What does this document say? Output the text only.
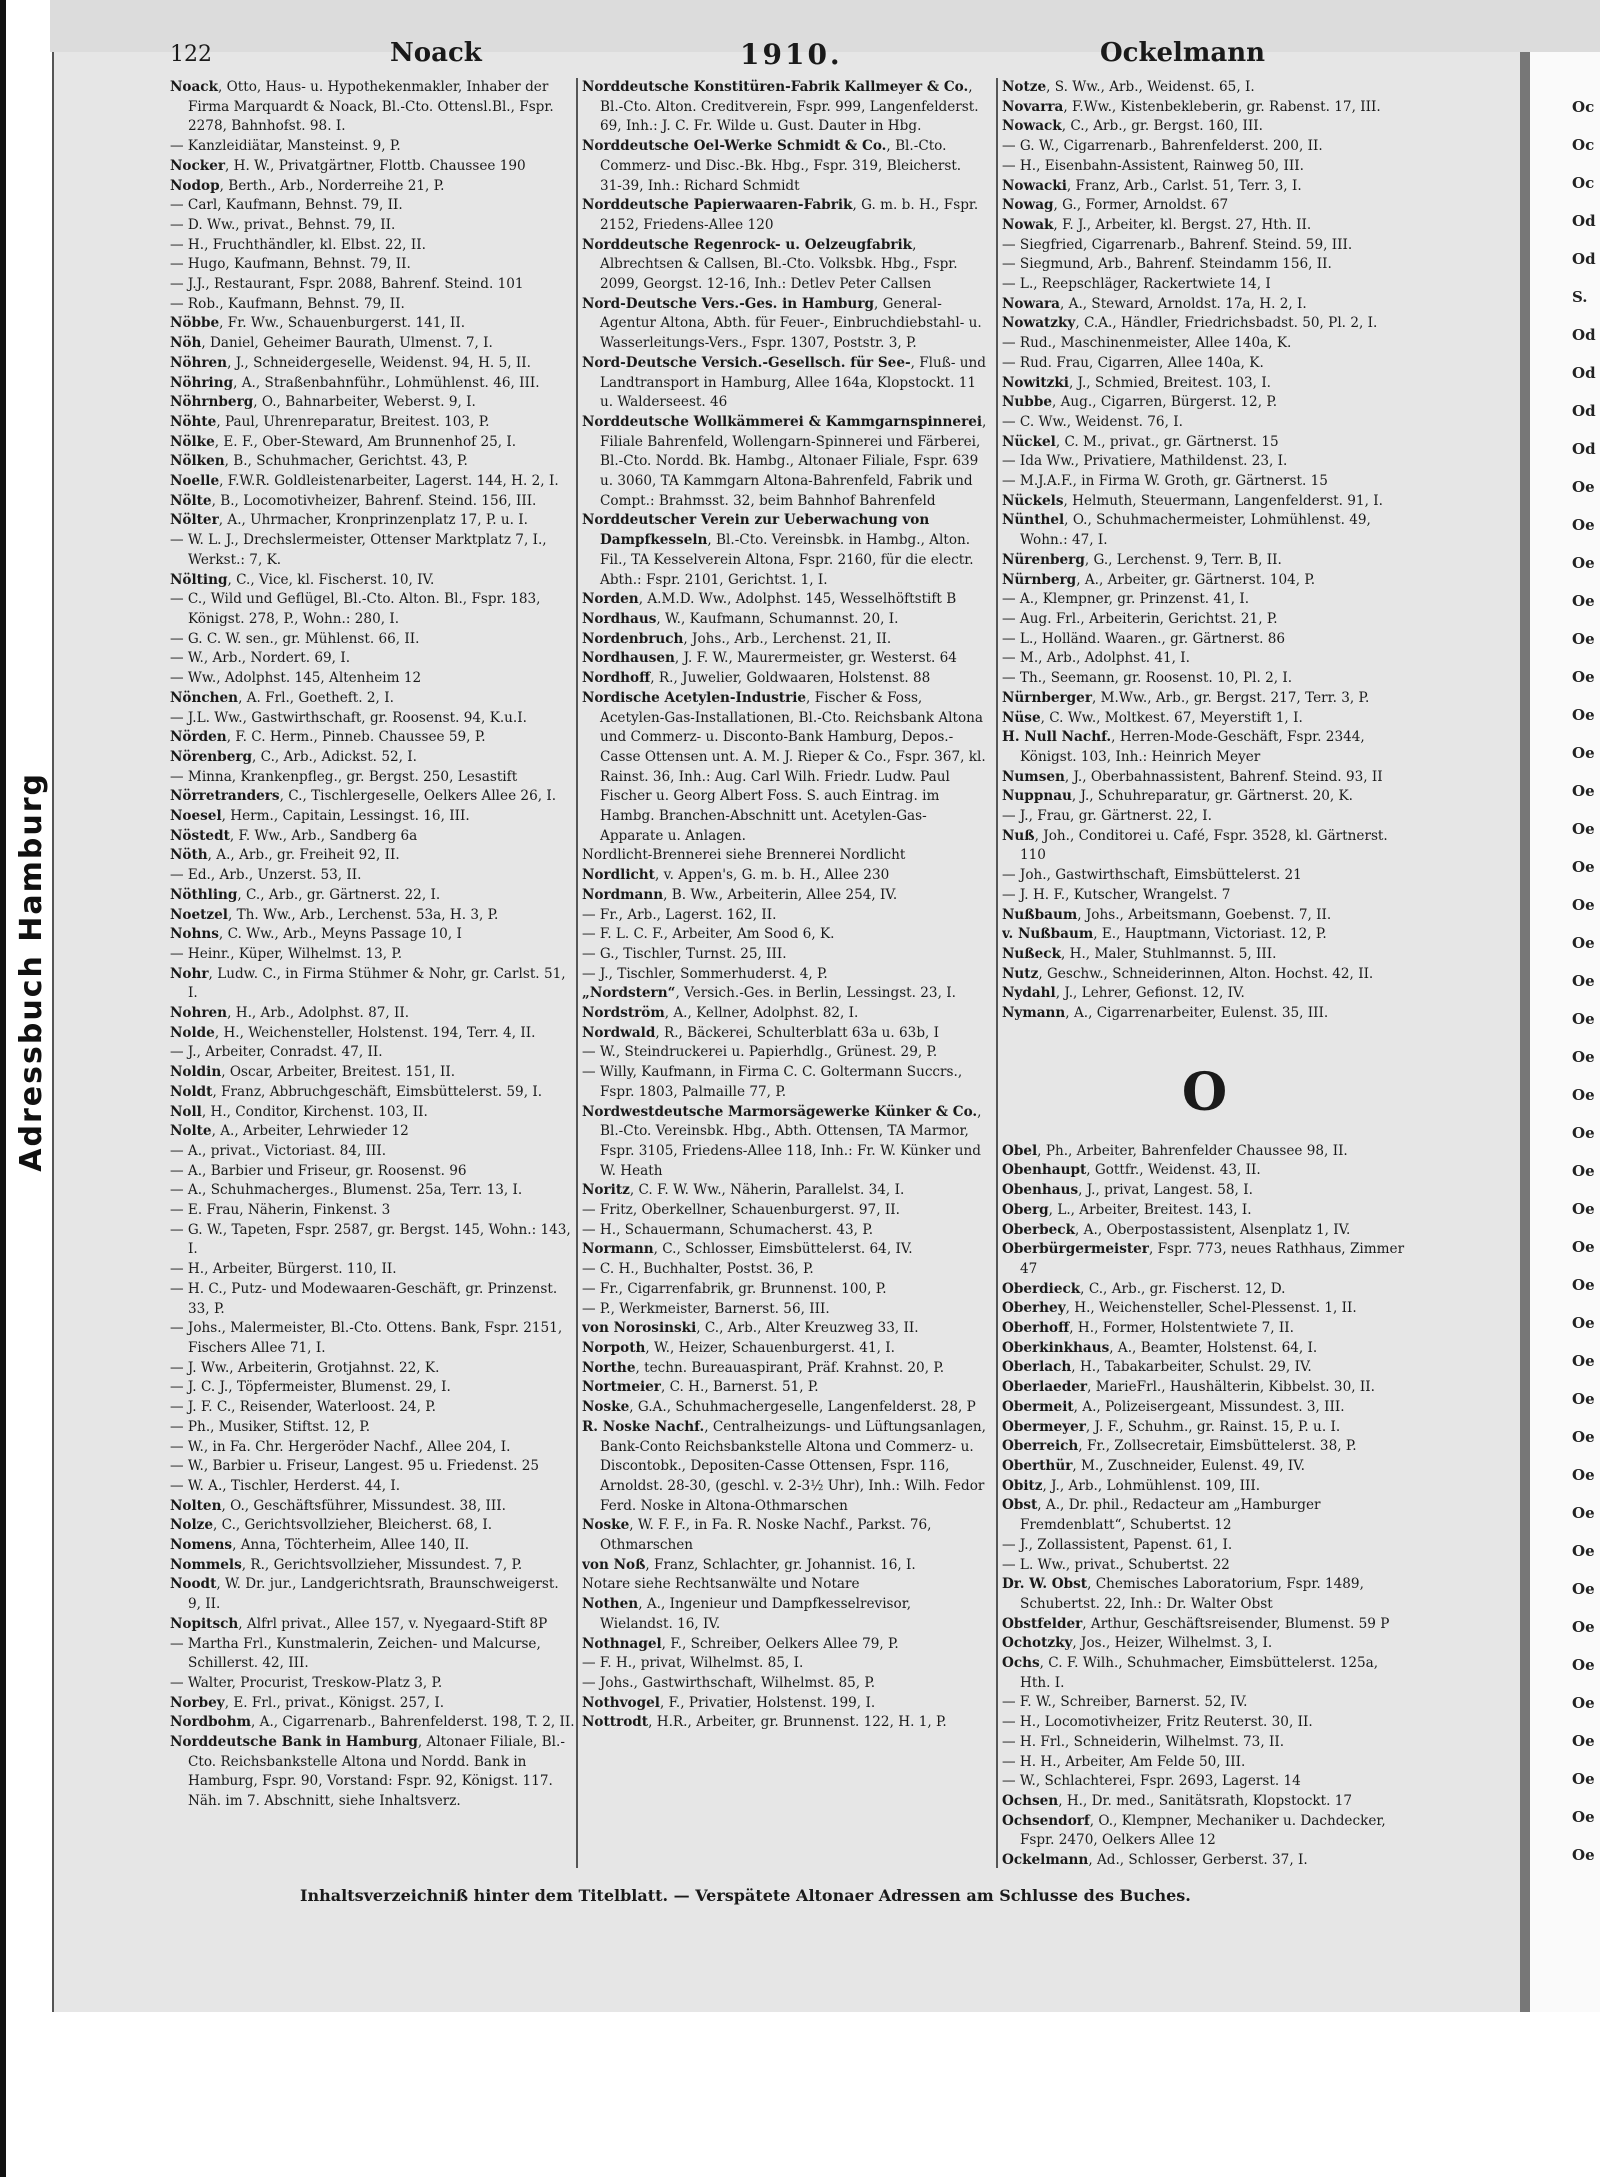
Adressbuch Hamburg
122	Noack	1910.	Ockelmann

Noack, Otto, Haus- u. Hypothekenmakler, Inhaber der Firma Marquardt & Noack, Bl.-Cto. Ottensl.Bl., Fspr. 2278, Bahnhofst. 98. I.

— Kanzleidiätar, Mansteinst. 9, P.

Nocker, H. W., Privatgärtner, Flottb. Chaussee 190

Nodop, Berth., Arb., Norderreihe 21, P.

— Carl, Kaufmann, Behnst. 79, II.

— D. Ww., privat., Behnst. 79, II.

— H., Fruchthändler, kl. Elbst. 22, II.

— Hugo, Kaufmann, Behnst. 79, II.

— J.J., Restaurant, Fspr. 2088, Bahrenf. Steind. 101

— Rob., Kaufmann, Behnst. 79, II.

Nöbbe, Fr. Ww., Schauenburgerst. 141, II.

Nöh, Daniel, Geheimer Baurath, Ulmenst. 7, I.

Nöhren, J., Schneidergeselle, Weidenst. 94, H. 5, II.

Nöhring, A., Straßenbahnführ., Lohmühlenst. 46, III.

Nöhrnberg, O., Bahnarbeiter, Weberst. 9, I.

Nöhte, Paul, Uhrenreparatur, Breitest. 103, P.

Nölke, E. F., Ober-Steward, Am Brunnenhof 25, I.

Nölken, B., Schuhmacher, Gerichtst. 43, P.

Noelle, F.W.R. Goldleistenarbeiter, Lagerst. 144, H. 2, I.

Nölte, B., Locomotivheizer, Bahrenf. Steind. 156, III.

Nölter, A., Uhrmacher, Kronprinzenplatz 17, P. u. I.

— W. L. J., Drechslermeister, Ottenser Marktplatz 7, I., Werkst.: 7, K.

Nölting, C., Vice, kl. Fischerst. 10, IV.

— C., Wild und Geflügel, Bl.-Cto. Alton. Bl., Fspr. 183, Königst. 278, P., Wohn.: 280, I.

— G. C. W. sen., gr. Mühlenst. 66, II.

— W., Arb., Nordert. 69, I.

— Ww., Adolphst. 145, Altenheim 12

Nönchen, A. Frl., Goetheft. 2, I.

— J.L. Ww., Gastwirthschaft, gr. Roosenst. 94, K.u.I.

Nörden, F. C. Herm., Pinneb. Chaussee 59, P.

Nörenberg, C., Arb., Adickst. 52, I.

— Minna, Krankenpfleg., gr. Bergst. 250, Lesastift

Nörretranders, C., Tischlergeselle, Oelkers Allee 26, I.

Noesel, Herm., Capitain, Lessingst. 16, III.

Nöstedt, F. Ww., Arb., Sandberg 6a

Nöth, A., Arb., gr. Freiheit 92, II.

— Ed., Arb., Unzerst. 53, II.

Nöthling, C., Arb., gr. Gärtnerst. 22, I.

Noetzel, Th. Ww., Arb., Lerchenst. 53a, H. 3, P.

Nohns, C. Ww., Arb., Meyns Passage 10, I

— Heinr., Küper, Wilhelmst. 13, P.

Nohr, Ludw. C., in Firma Stühmer & Nohr, gr. Carlst. 51, I.

Nohren, H., Arb., Adolphst. 87, II.

Nolde, H., Weichensteller, Holstenst. 194, Terr. 4, II.

— J., Arbeiter, Conradst. 47, II.

Noldin, Oscar, Arbeiter, Breitest. 151, II.

Noldt, Franz, Abbruchgeschäft, Eimsbüttelerst. 59, I.

Noll, H., Conditor, Kirchenst. 103, II.

Nolte, A., Arbeiter, Lehrwieder 12

— A., privat., Victoriast. 84, III.

— A., Barbier und Friseur, gr. Roosenst. 96

— A., Schuhmacherges., Blumenst. 25a, Terr. 13, I.

— E. Frau, Näherin, Finkenst. 3

— G. W., Tapeten, Fspr. 2587, gr. Bergst. 145, Wohn.: 143, I.

— H., Arbeiter, Bürgerst. 110, II.

— H. C., Putz- und Modewaaren-Geschäft, gr. Prinzenst. 33, P.

— Johs., Malermeister, Bl.-Cto. Ottens. Bank, Fspr. 2151, Fischers Allee 71, I.

— J. Ww., Arbeiterin, Grotjahnst. 22, K.

— J. C. J., Töpfermeister, Blumenst. 29, I.

— J. F. C., Reisender, Waterloost. 24, P.

— Ph., Musiker, Stiftst. 12, P.

— W., in Fa. Chr. Hergeröder Nachf., Allee 204, I.

— W., Barbier u. Friseur, Langest. 95 u. Friedenst. 25

— W. A., Tischler, Herderst. 44, I.

Nolten, O., Geschäftsführer, Missundest. 38, III.

Nolze, C., Gerichtsvollzieher, Bleicherst. 68, I.

Nomens, Anna, Töchterheim, Allee 140, II.

Nommels, R., Gerichtsvollzieher, Missundest. 7, P.

Noodt, W. Dr. jur., Landgerichtsrath, Braunschweigerst. 9, II.

Nopitsch, Alfrl privat., Allee 157, v. Nyegaard-Stift 8P

— Martha Frl., Kunstmalerin, Zeichen- und Malcurse, Schillerst. 42, III.

— Walter, Procurist, Treskow-Platz 3, P.

Norbey, E. Frl., privat., Königst. 257, I.

Nordbohm, A., Cigarrenarb., Bahrenfelderst. 198, T. 2, II.

Norddeutsche Bank in Hamburg, Altonaer Filiale, Bl.-Cto. Reichsbankstelle Altona und Nordd. Bank in Hamburg, Fspr. 90, Vorstand: Fspr. 92, Königst. 117. Näh. im 7. Abschnitt, siehe Inhaltsverz.

Norddeutsche Konstitüren-Fabrik Kallmeyer & Co., Bl.-Cto. Alton. Creditverein, Fspr. 999, Langenfelderst. 69, Inh.: J. C. Fr. Wilde u. Gust. Dauter in Hbg.

Norddeutsche Oel-Werke Schmidt & Co., Bl.-Cto. Commerz- und Disc.-Bk. Hbg., Fspr. 319, Bleicherst. 31-39, Inh.: Richard Schmidt

Norddeutsche Papierwaaren-Fabrik, G. m. b. H., Fspr. 2152, Friedens-Allee 120

Norddeutsche Regenrock- u. Oelzeugfabrik, Albrechtsen & Callsen, Bl.-Cto. Volksbk. Hbg., Fspr. 2099, Georgst. 12-16, Inh.: Detlev Peter Callsen

Nord-Deutsche Vers.-Ges. in Hamburg, General-Agentur Altona, Abth. für Feuer-, Einbruchdiebstahl- u. Wasserleitungs-Vers., Fspr. 1307, Poststr. 3, P.

Nord-Deutsche Versich.-Gesellsch. für See-, Fluß- und Landtransport in Hamburg, Allee 164a, Klopstockt. 11 u. Walderseest. 46

Norddeutsche Wollkämmerei & Kammgarnspinnerei, Filiale Bahrenfeld, Wollengarn-Spinnerei und Färberei, Bl.-Cto. Nordd. Bk. Hambg., Altonaer Filiale, Fspr. 639 u. 3060, TA Kammgarn Altona-Bahrenfeld, Fabrik und Compt.: Brahmsst. 32, beim Bahnhof Bahrenfeld

Norddeutscher Verein zur Ueberwachung von Dampfkesseln, Bl.-Cto. Vereinsbk. in Hambg., Alton. Fil., TA Kesselverein Altona, Fspr. 2160, für die electr. Abth.: Fspr. 2101, Gerichtst. 1, I.

Norden, A.M.D. Ww., Adolphst. 145, Wesselhöftstift B

Nordhaus, W., Kaufmann, Schumannst. 20, I.

Nordenbruch, Johs., Arb., Lerchenst. 21, II.

Nordhausen, J. F. W., Maurermeister, gr. Westerst. 64

Nordhoff, R., Juwelier, Goldwaaren, Holstenst. 88

Nordische Acetylen-Industrie, Fischer & Foss, Acetylen-Gas-Installationen, Bl.-Cto. Reichsbank Altona und Commerz- u. Disconto-Bank Hamburg, Depos.-Casse Ottensen unt. A. M. J. Rieper & Co., Fspr. 367, kl. Rainst. 36, Inh.: Aug. Carl Wilh. Friedr. Ludw. Paul Fischer u. Georg Albert Foss. S. auch Eintrag. im Hambg. Branchen-Abschnitt unt. Acetylen-Gas-Apparate u. Anlagen.

Nordlicht-Brennerei siehe Brennerei Nordlicht

Nordlicht, v. Appen's, G. m. b. H., Allee 230

Nordmann, B. Ww., Arbeiterin, Allee 254, IV.

— Fr., Arb., Lagerst. 162, II.

— F. L. C. F., Arbeiter, Am Sood 6, K.

— G., Tischler, Turnst. 25, III.

— J., Tischler, Sommerhuderst. 4, P.

„Nordstern“, Versich.-Ges. in Berlin, Lessingst. 23, I.

Nordström, A., Kellner, Adolphst. 82, I.

Nordwald, R., Bäckerei, Schulterblatt 63a u. 63b, I

— W., Steindruckerei u. Papierhdlg., Grünest. 29, P.

— Willy, Kaufmann, in Firma C. C. Goltermann Succrs., Fspr. 1803, Palmaille 77, P.

Nordwestdeutsche Marmorsägewerke Künker & Co., Bl.-Cto. Vereinsbk. Hbg., Abth. Ottensen, TA Marmor, Fspr. 3105, Friedens-Allee 118, Inh.: Fr. W. Künker und W. Heath

Noritz, C. F. W. Ww., Näherin, Parallelst. 34, I.

— Fritz, Oberkellner, Schauenburgerst. 97, II.

— H., Schauermann, Schumacherst. 43, P.

Normann, C., Schlosser, Eimsbüttelerst. 64, IV.

— C. H., Buchhalter, Postst. 36, P.

— Fr., Cigarrenfabrik, gr. Brunnenst. 100, P.

— P., Werkmeister, Barnerst. 56, III.

von Norosinski, C., Arb., Alter Kreuzweg 33, II.

Norpoth, W., Heizer, Schauenburgerst. 41, I.

Northe, techn. Bureauaspirant, Präf. Krahnst. 20, P.

Nortmeier, C. H., Barnerst. 51, P.

Noske, G.A., Schuhmachergeselle, Langenfelderst. 28, P

R. Noske Nachf., Centralheizungs- und Lüftungsanlagen, Bank-Conto Reichsbankstelle Altona und Commerz- u. Discontobk., Depositen-Casse Ottensen, Fspr. 116, Arnoldst. 28-30, (geschl. v. 2-3½ Uhr), Inh.: Wilh. Fedor Ferd. Noske in Altona-Othmarschen

Noske, W. F. F., in Fa. R. Noske Nachf., Parkst. 76, Othmarschen

von Noß, Franz, Schlachter, gr. Johannist. 16, I.

Notare siehe Rechtsanwälte und Notare

Nothen, A., Ingenieur und Dampfkesselrevisor, Wielandst. 16, IV.

Nothnagel, F., Schreiber, Oelkers Allee 79, P.

— F. H., privat, Wilhelmst. 85, I.

— Johs., Gastwirthschaft, Wilhelmst. 85, P.

Nothvogel, F., Privatier, Holstenst. 199, I.

Nottrodt, H.R., Arbeiter, gr. Brunnenst. 122, H. 1, P.

Notze, S. Ww., Arb., Weidenst. 65, I.

Novarra, F.Ww., Kistenbekleberin, gr. Rabenst. 17, III.

Nowack, C., Arb., gr. Bergst. 160, III.

— G. W., Cigarrenarb., Bahrenfelderst. 200, II.

— H., Eisenbahn-Assistent, Rainweg 50, III.

Nowacki, Franz, Arb., Carlst. 51, Terr. 3, I.

Nowag, G., Former, Arnoldst. 67

Nowak, F. J., Arbeiter, kl. Bergst. 27, Hth. II.

— Siegfried, Cigarrenarb., Bahrenf. Steind. 59, III.

— Siegmund, Arb., Bahrenf. Steindamm 156, II.

— L., Reepschläger, Rackertwiete 14, I

Nowara, A., Steward, Arnoldst. 17a, H. 2, I.

Nowatzky, C.A., Händler, Friedrichsbadst. 50, Pl. 2, I.

— Rud., Maschinenmeister, Allee 140a, K.

— Rud. Frau, Cigarren, Allee 140a, K.

Nowitzki, J., Schmied, Breitest. 103, I.

Nubbe, Aug., Cigarren, Bürgerst. 12, P.

— C. Ww., Weidenst. 76, I.

Nückel, C. M., privat., gr. Gärtnerst. 15

— Ida Ww., Privatiere, Mathildenst. 23, I.

— M.J.A.F., in Firma W. Groth, gr. Gärtnerst. 15

Nückels, Helmuth, Steuermann, Langenfelderst. 91, I.

Nünthel, O., Schuhmachermeister, Lohmühlenst. 49, Wohn.: 47, I.

Nürenberg, G., Lerchenst. 9, Terr. B, II.

Nürnberg, A., Arbeiter, gr. Gärtnerst. 104, P.

— A., Klempner, gr. Prinzenst. 41, I.

— Aug. Frl., Arbeiterin, Gerichtst. 21, P.

— L., Holländ. Waaren., gr. Gärtnerst. 86

— M., Arb., Adolphst. 41, I.

— Th., Seemann, gr. Roosenst. 10, Pl. 2, I.

Nürnberger, M.Ww., Arb., gr. Bergst. 217, Terr. 3, P.

Nüse, C. Ww., Moltkest. 67, Meyerstift 1, I.

H. Null Nachf., Herren-Mode-Geschäft, Fspr. 2344, Königst. 103, Inh.: Heinrich Meyer

Numsen, J., Oberbahnassistent, Bahrenf. Steind. 93, II

Nuppnau, J., Schuhreparatur, gr. Gärtnerst. 20, K.

— J., Frau, gr. Gärtnerst. 22, I.

Nuß, Joh., Conditorei u. Café, Fspr. 3528, kl. Gärtnerst. 110

— Joh., Gastwirthschaft, Eimsbüttelerst. 21

— J. H. F., Kutscher, Wrangelst. 7

Nußbaum, Johs., Arbeitsmann, Goebenst. 7, II.

v. Nußbaum, E., Hauptmann, Victoriast. 12, P.

Nußeck, H., Maler, Stuhlmannst. 5, III.

Nutz, Geschw., Schneiderinnen, Alton. Hochst. 42, II.

Nydahl, J., Lehrer, Gefionst. 12, IV.

Nymann, A., Cigarrenarbeiter, Eulenst. 35, III.

O

Obel, Ph., Arbeiter, Bahrenfelder Chaussee 98, II.

Obenhaupt, Gottfr., Weidenst. 43, II.

Obenhaus, J., privat, Langest. 58, I.

Oberg, L., Arbeiter, Breitest. 143, I.

Oberbeck, A., Oberpostassistent, Alsenplatz 1, IV.

Oberbürgermeister, Fspr. 773, neues Rathhaus, Zimmer 47

Oberdieck, C., Arb., gr. Fischerst. 12, D.

Oberhey, H., Weichensteller, Schel-Plessenst. 1, II.

Oberhoff, H., Former, Holstentwiete 7, II.

Oberkinkhaus, A., Beamter, Holstenst. 64, I.

Oberlach, H., Tabakarbeiter, Schulst. 29, IV.

Oberlaeder, MarieFrl., Haushälterin, Kibbelst. 30, II.

Obermeit, A., Polizeisergeant, Missundest. 3, III.

Obermeyer, J. F., Schuhm., gr. Rainst. 15, P. u. I.

Oberreich, Fr., Zollsecretair, Eimsbüttelerst. 38, P.

Oberthür, M., Zuschneider, Eulenst. 49, IV.

Obitz, J., Arb., Lohmühlenst. 109, III.

Obst, A., Dr. phil., Redacteur am „Hamburger Fremdenblatt“, Schubertst. 12

— J., Zollassistent, Papenst. 61, I.

— L. Ww., privat., Schubertst. 22

Dr. W. Obst, Chemisches Laboratorium, Fspr. 1489, Schubertst. 22, Inh.: Dr. Walter Obst

Obstfelder, Arthur, Geschäftsreisender, Blumenst. 59 P

Ochotzky, Jos., Heizer, Wilhelmst. 3, I.

Ochs, C. F. Wilh., Schuhmacher, Eimsbüttelerst. 125a, Hth. I.

— F. W., Schreiber, Barnerst. 52, IV.

— H., Locomotivheizer, Fritz Reuterst. 30, II.

— H. Frl., Schneiderin, Wilhelmst. 73, II.

— H. H., Arbeiter, Am Felde 50, III.

— W., Schlachterei, Fspr. 2693, Lagerst. 14

Ochsen, H., Dr. med., Sanitätsrath, Klopstockt. 17

Ochsendorf, O., Klempner, Mechaniker u. Dachdecker, Fspr. 2470, Oelkers Allee 12

Ockelmann, Ad., Schlosser, Gerberst. 37, I.

Inhaltsverzeichniß hinter dem Titelblatt. — Verspätete Altonaer Adressen am Schlusse des Buches.
Oc
Oc
Oc
Od
Od
S.
Od
Od
Od
Od
Oe
Oe
Oe
Oe
Oe
Oe
Oe
Oe
Oe
Oe
Oe
Oe
Oe
Oe
Oe
Oe
Oe
Oe
Oe
Oe
Oe
Oe
Oe
Oe
Oe
Oe
Oe
Oe
Oe
Oe
Oe
Oe
Oe
Oe
Oe
Oe
Oe
